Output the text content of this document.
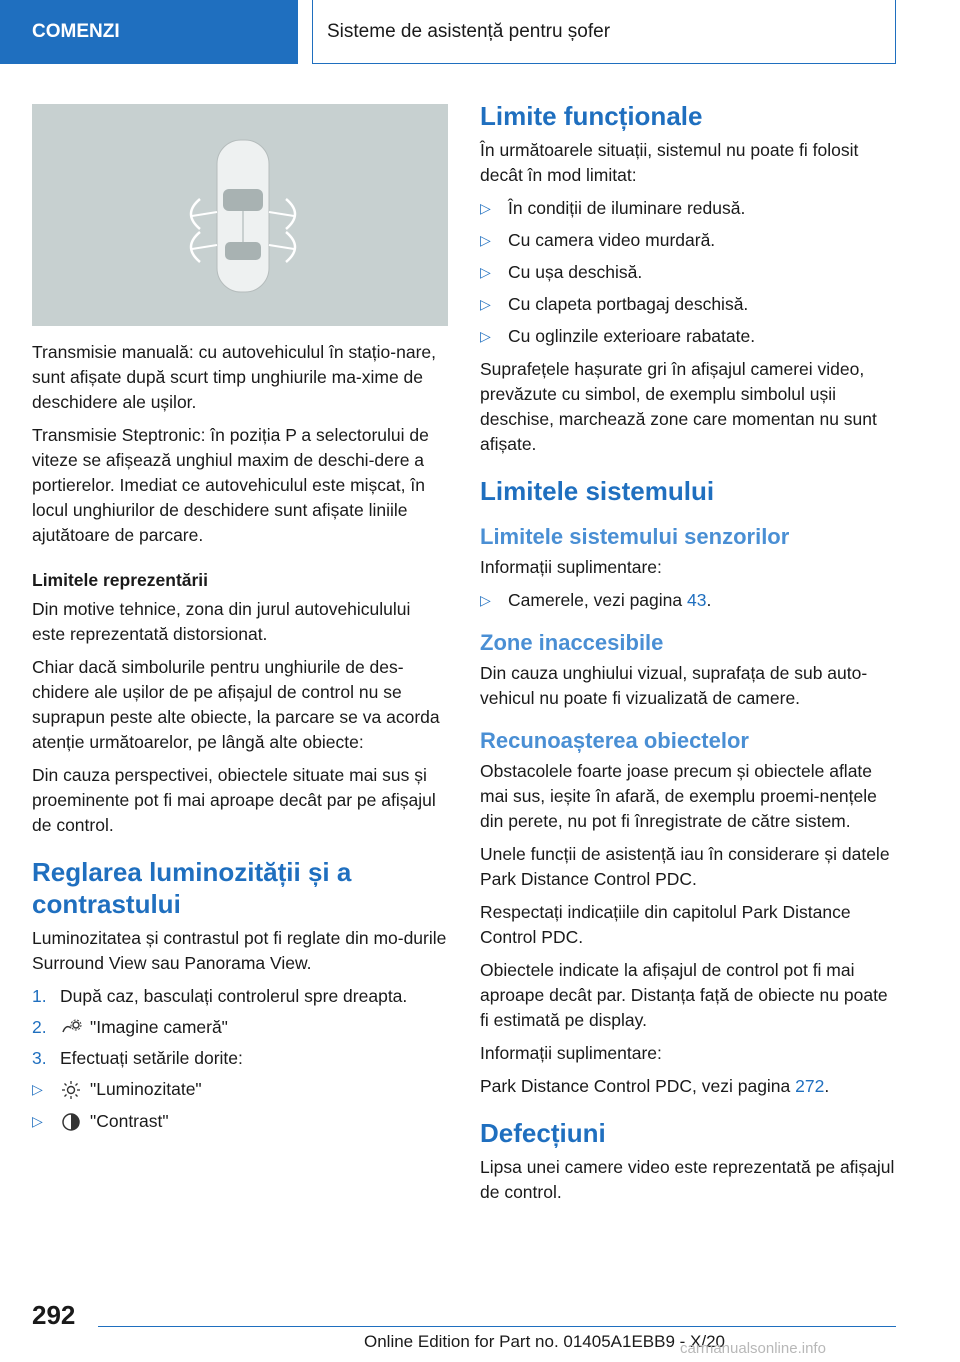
COMENZI	Sisteme de asistență pentru șofer

Transmisie manuală: cu autovehiculul în stațio-nare, sunt afișate după scurt timp unghiurile ma-xime de deschidere ale ușilor.

Transmisie Steptronic: în poziția P a selectorului de viteze se afișează unghiul maxim de deschi-dere a portierelor. Imediat ce autovehiculul este mișcat, în locul unghiurilor de deschidere sunt afișate liniile ajutătoare de parcare.

Limitele reprezentării

Din motive tehnice, zona din jurul autovehiculului este reprezentată distorsionat.

Chiar dacă simbolurile pentru unghiurile de des-chidere ale ușilor de pe afișajul de control nu se suprapun peste alte obiecte, la parcare se va acorda atenție următoarelor, pe lângă alte obiecte:

Din cauza perspectivei, obiectele situate mai sus și proeminente pot fi mai aproape decât par pe afișajul de control.

Reglarea luminozității și a contrastului

Luminozitatea și contrastul pot fi reglate din mo-durile Surround View sau Panorama View.

1. După caz, basculați controlerul spre dreapta.
2.	"Imagine cameră"
3. Efectuați setările dorite:
▷	"Luminozitate"
▷	"Contrast"
Limite funcționale

În următoarele situații, sistemul nu poate fi folosit decât în mod limitat:

▷ În condiții de iluminare redusă.
▷ Cu camera video murdară.
▷ Cu ușa deschisă.
▷ Cu clapeta portbagaj deschisă.
▷ Cu oglinzile exterioare rabatate.

Suprafețele hașurate gri în afișajul camerei video, prevăzute cu simbol, de exemplu simbolul ușii deschise, marchează zone care momentan nu sunt afișate.

Limitele sistemului
Limitele sistemului senzorilor

Informații suplimentare:

▷ Camerele, vezi pagina 43.
Zone inaccesibile

Din cauza unghiului vizual, suprafața de sub auto-vehicul nu poate fi vizualizată de camere.

Recunoașterea obiectelor

Obstacolele foarte joase precum și obiectele aflate mai sus, ieșite în afară, de exemplu proemi-nențele din perete, nu pot fi înregistrate de către sistem.

Unele funcții de asistență iau în considerare și datele Park Distance Control PDC.

Respectați indicațiile din capitolul Park Distance Control PDC.

Obiectele indicate la afișajul de control pot fi mai aproape decât par. Distanța față de obiecte nu poate fi estimată pe display.

Informații suplimentare:

Park Distance Control PDC, vezi pagina 272.

Defecțiuni

Lipsa unei camere video este reprezentată pe afișajul de control.

292
Online Edition for Part no. 01405A1EBB9 - X/20
carmanualsonline.info
